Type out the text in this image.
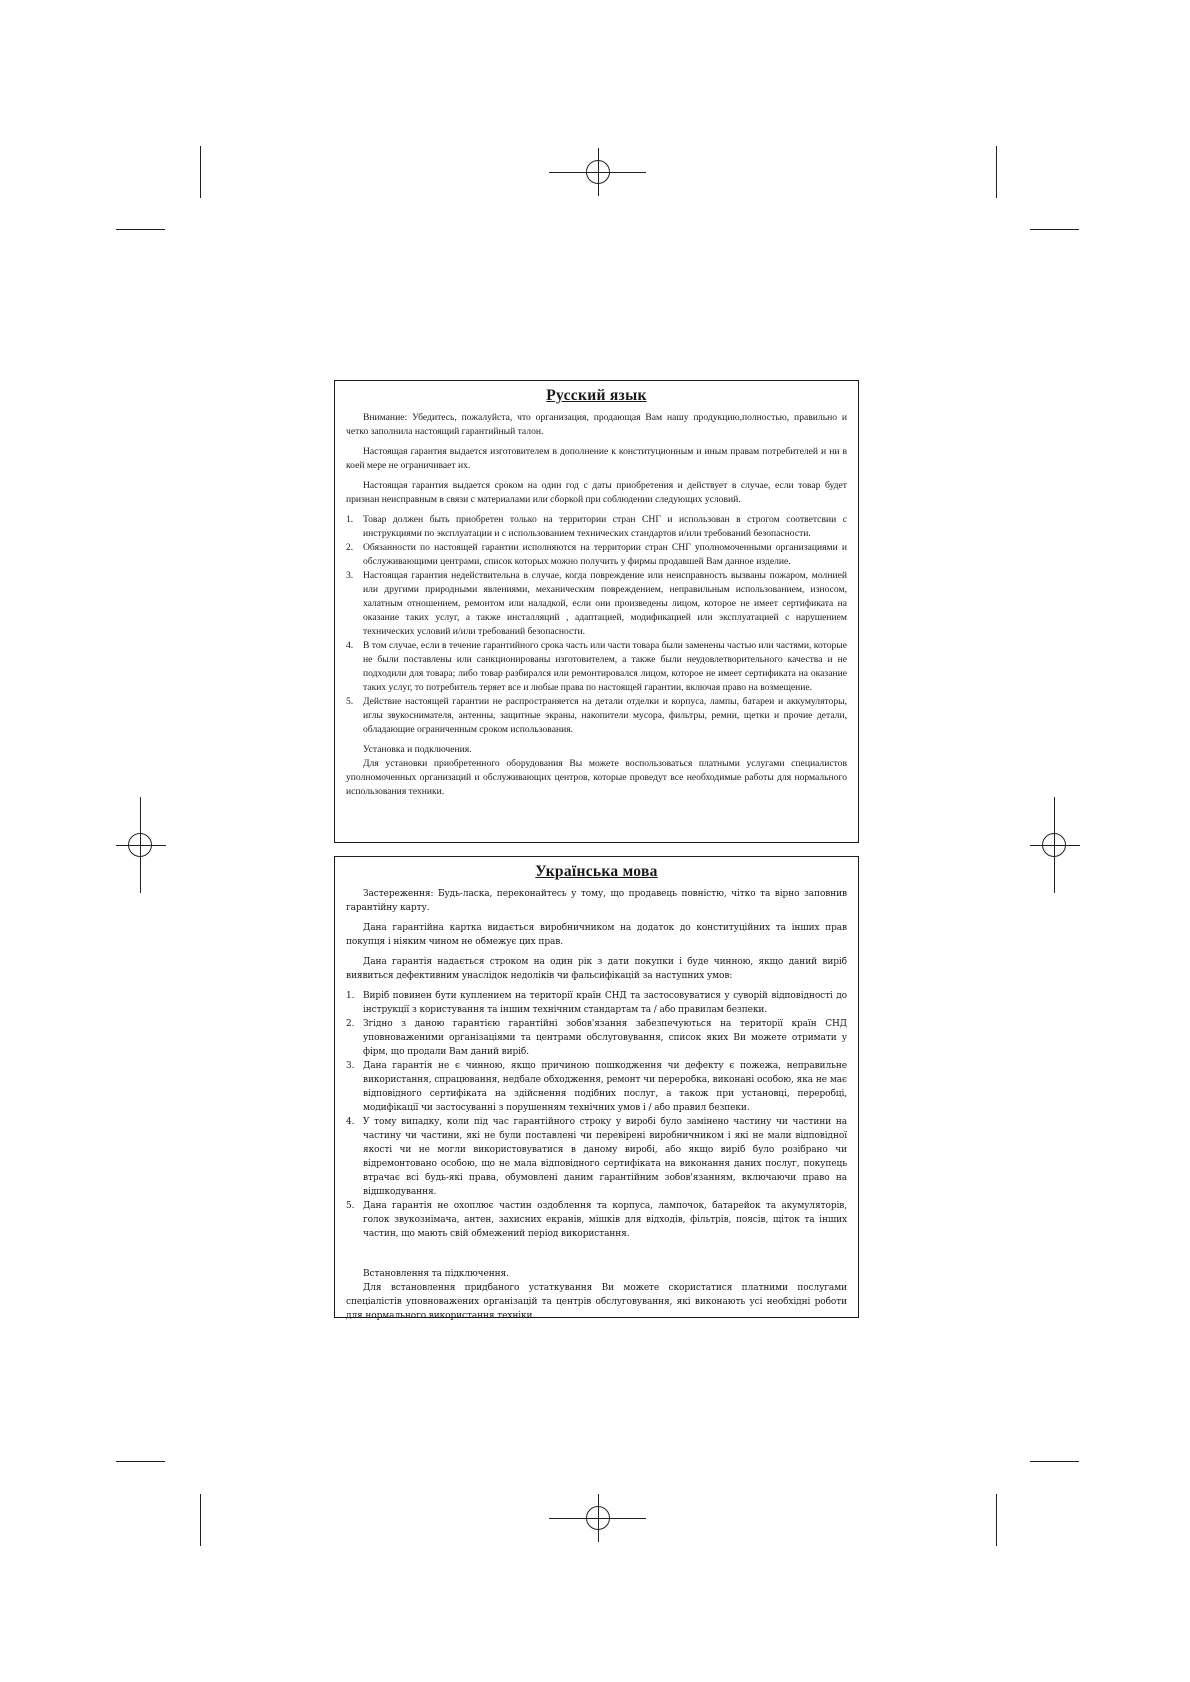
Русский язык

Внимание: Убедитесь, пожалуйста, что организация, продающая Вам нашу продукцию,полностью, правильно и четко заполнила настоящий гарантийный талон.

Настоящая гарантия выдается изготовителем в дополнение к конституционным и иным правам потребителей и ни в коей мере не ограничивает их.

Настоящая гарантия выдается сроком на один год с даты приобретения и действует в случае, если товар будет признан неисправным в связи с материалами или сборкой при соблюдении следующих условий.

1. Товар должен быть приобретен только на территории стран СНГ и использован в строгом соответсвии с инструкциями по эксплуатации и с использованием технических стандартов и/или требований безопасности.
2. Обязанности по настоящей гарантии исполняются на территории стран СНГ уполномоченными организациями и обслуживающими центрами, список которых можно получить у фирмы продавшей Вам данное изделие.
3. Настоящая гарантия недействительна в случае, когда повреждение или неисправность вызваны пожаром, молнией или другими природными явлениями, механическим повреждением, неправильным использованием, износом, халатным отношением, ремонтом или наладкой, если они произведены лицом, которое не имеет сертификата на оказание таких услуг, а также инсталляций , адаптацией, модификацией или эксплуатацией с нарушением технических условий и/или требований безопасности.
4. В том случае, если в течение гарантийного срока часть или части товара были заменены частью или частями, которые не были поставлены или санкционированы изготовителем, а также были неудовлетворительного качества и не подходили для товара; либо товар разбирался или ремонтировался лицом, которое не имеет сертификата на оказание таких услуг, то потребитель теряет все и любые права по настоящей гарантии, включая право на возмещение.
5. Действие настоящей гарантии не распространяется на детали отделки и корпуса, лампы, батареи и аккумуляторы, иглы звукоснимателя, антенны, защитные экраны, накопители мусора, фильтры, ремни, щетки и прочие детали, обладающие ограниченным сроком использования.

Установка и подключения.

Для установки приобретенного оборудования Вы можете воспользоваться платными услугами специалистов уполномоченных организаций и обслуживающих центров, которые проведут все необходимые работы для нормального использования техники.

Українська мова

Застереження: Будь-ласка, переконайтесь у тому, що продавець повністю, чітко та вірно заповнив гарантійну карту.

Дана гарантійна картка видається виробничником на додаток до конституційних та інших прав покупця і ніяким чином не обмежує цих прав.

Дана гарантія надається строком на один рік з дати покупки і буде чинною, якщо даний виріб виявиться дефективним унаслідок недоліків чи фальсифікацій за наступних умов:

1. Виріб повинен бути куплением на території країн СНД та застосовуватися у суворій відповідності до інструкції з користування та іншим технічним стандартам та / або правилам безпеки.
2. Згідно з даною гарантією гарантійні зобов'язання забезпечуються на території країн СНД уповноваженими організаціями та центрами обслуговування, список яких Ви можете отримати у фірм, що продали Вам даний виріб.
3. Дана гарантія не є чинною, якщо причиною пошкодження чи дефекту є пожежа, неправильне використання, спрацювання, недбале обходження, ремонт чи переробка, виконані особою, яка не має відповідного сертифіката на здійснення подібних послуг, а також при установці, переробці, модифікації чи застосуванні з порушенням технічних умов і / або правил безпеки.
4. У тому випадку, коли під час гарантійного строку у виробі було замінено частину чи частини на частину чи частини, які не були поставлені чи перевірені виробничником і які не мали відповідної якості чи не могли використовуватися в даному виробі, або якщо виріб було розібрано чи відремонтовано особою, що не мала відповідного сертифіката на виконання даних послуг, покупець втрачає всі будь-які права, обумовлені даним гарантійним зобов'язанням, включаючи право на відшкодування.
5. Дана гарантія не охоплює частин оздоблення та корпуса, лампочок, батарейок та акумуляторів, голок звукознімача, антен, захисних екранів, мішків для відходів, фільтрів, поясів, щіток та інших частин, що мають свій обмежений період використання.

Встановлення та підключення.

Для встановлення придбаного устаткування Ви можете скористатися платними послугами спеціалістів уповноважених організацій та центрів обслуговування, які виконають усі необхідні роботи для нормального використання техніки.
